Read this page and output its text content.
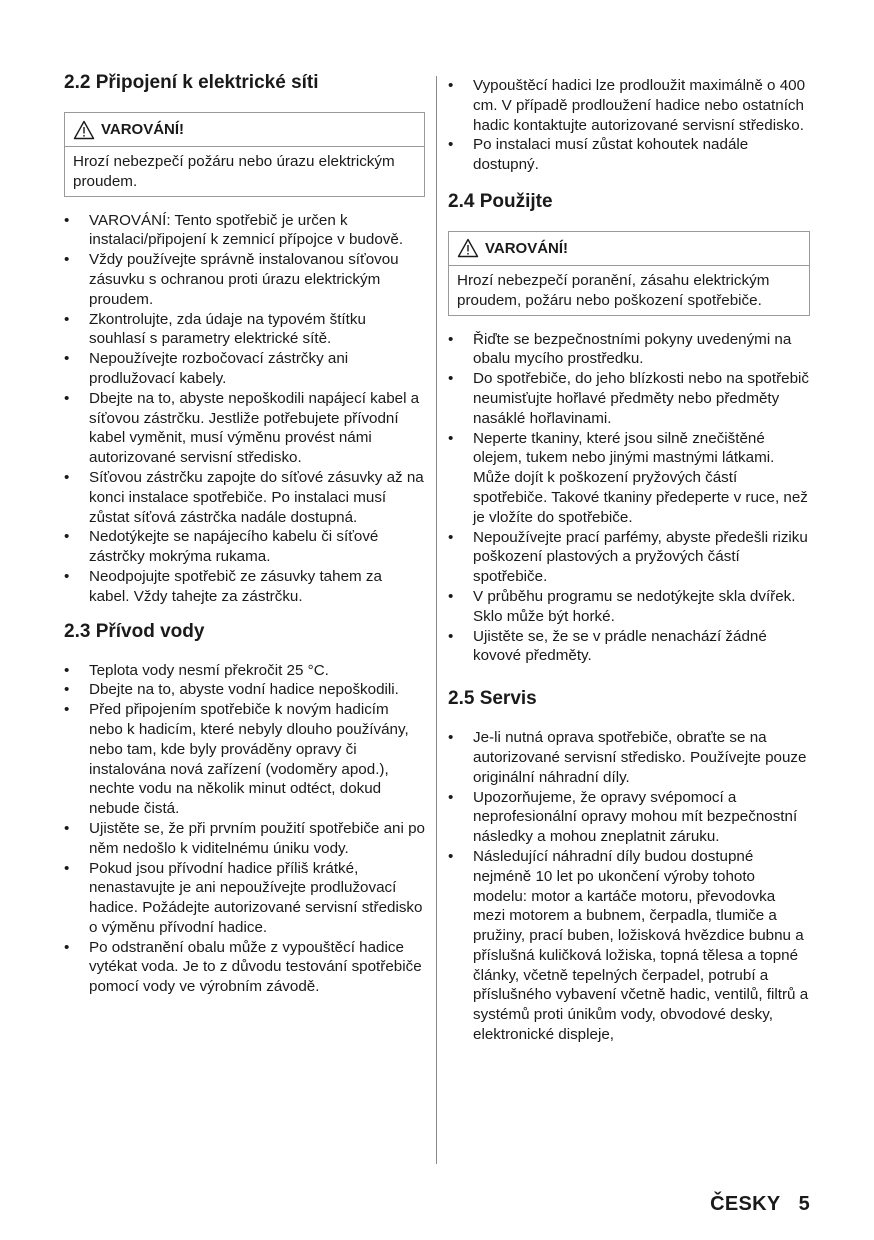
2.2 Připojení k elektrické síti
VAROVÁNÍ!
Hrozí nebezpečí požáru nebo úrazu elektrickým proudem.
• VAROVÁNÍ: Tento spotřebič je určen k instalaci/připojení k zemnicí přípojce v budově.
• Vždy používejte správně instalovanou síťovou zásuvku s ochranou proti úrazu elektrickým proudem.
• Zkontrolujte, zda údaje na typovém štítku souhlasí s parametry elektrické sítě.
• Nepoužívejte rozbočovací zástrčky ani prodlužovací kabely.
• Dbejte na to, abyste nepoškodili napájecí kabel a síťovou zástrčku. Jestliže potřebujete přívodní kabel vyměnit, musí výměnu provést námi autorizované servisní středisko.
• Síťovou zástrčku zapojte do síťové zásuvky až na konci instalace spotřebiče. Po instalaci musí zůstat síťová zástrčka nadále dostupná.
• Nedotýkejte se napájecího kabelu či síťové zástrčky mokrýma rukama.
• Neodpojujte spotřebič ze zásuvky tahem za kabel. Vždy tahejte za zástrčku.
2.3 Přívod vody
• Teplota vody nesmí překročit 25 °C.
• Dbejte na to, abyste vodní hadice nepoškodili.
• Před připojením spotřebiče k novým hadicím nebo k hadicím, které nebyly dlouho používány, nebo tam, kde byly prováděny opravy či instalována nová zařízení (vodoměry apod.), nechte vodu na několik minut odtéct, dokud nebude čistá.
• Ujistěte se, že při prvním použití spotřebiče ani po něm nedošlo k viditelnému úniku vody.
• Pokud jsou přívodní hadice příliš krátké, nenastavujte je ani nepoužívejte prodlužovací hadice. Požádejte autorizované servisní středisko o výměnu přívodní hadice.
• Po odstranění obalu může z vypouštěcí hadice vytékat voda. Je to z důvodu testování spotřebiče pomocí vody ve výrobním závodě.
• Vypouštěcí hadici lze prodloužit maximálně o 400 cm. V případě prodloužení hadice nebo ostatních hadic kontaktujte autorizované servisní středisko.
• Po instalaci musí zůstat kohoutek nadále dostupný.
2.4 Použijte
VAROVÁNÍ!
Hrozí nebezpečí poranění, zásahu elektrickým proudem, požáru nebo poškození spotřebiče.
• Řiďte se bezpečnostními pokyny uvedenými na obalu mycího prostředku.
• Do spotřebiče, do jeho blízkosti nebo na spotřebič neumisťujte hořlavé předměty nebo předměty nasáklé hořlavinami.
• Neperte tkaniny, které jsou silně znečištěné olejem, tukem nebo jinými mastnými látkami. Může dojít k poškození pryžových částí spotřebiče. Takové tkaniny předeperte v ruce, než je vložíte do spotřebiče.
• Nepoužívejte prací parfémy, abyste předešli riziku poškození plastových a pryžových částí spotřebiče.
• V průběhu programu se nedotýkejte skla dvířek. Sklo může být horké.
• Ujistěte se, že se v prádle nenachází žádné kovové předměty.
2.5 Servis
• Je-li nutná oprava spotřebiče, obraťte se na autorizované servisní středisko. Používejte pouze originální náhradní díly.
• Upozorňujeme, že opravy svépomocí a neprofesionální opravy mohou mít bezpečnostní následky a mohou zneplatnit záruku.
• Následující náhradní díly budou dostupné nejméně 10 let po ukončení výroby tohoto modelu: motor a kartáče motoru, převodovka mezi motorem a bubnem, čerpadla, tlumiče a pružiny, prací buben, ložisková hvězdice bubnu a příslušná kuličková ložiska, topná tělesa a topné články, včetně tepelných čerpadel, potrubí a příslušného vybavení včetně hadic, ventilů, filtrů a systémů proti únikům vody, obvodové desky, elektronické displeje,
ČESKY 5
